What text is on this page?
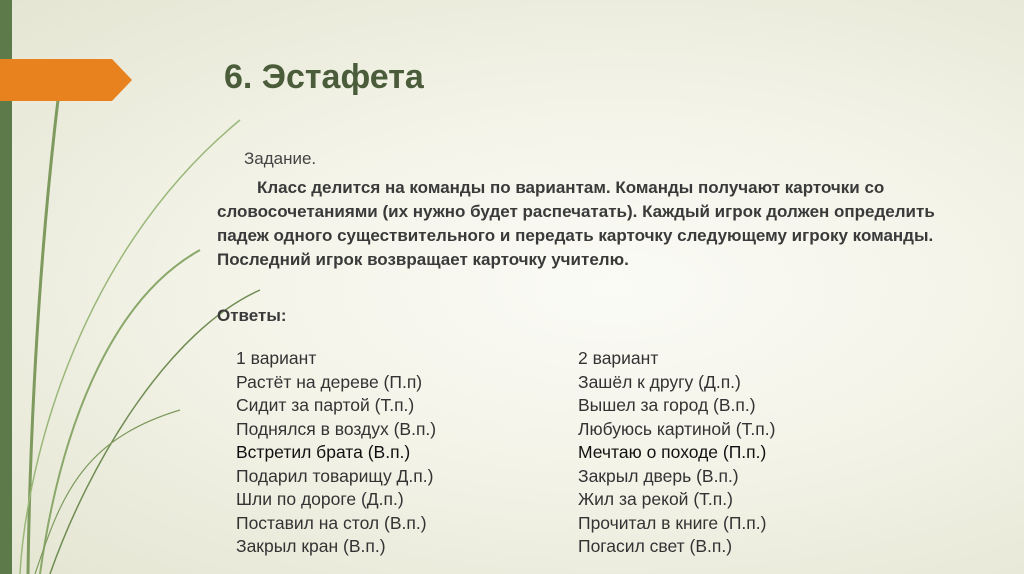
6. Эстафета
Задание.
Класс делится на команды по вариантам. Команды получают карточки со словосочетаниями (их нужно будет распечатать). Каждый игрок должен определить падеж одного существительного и передать карточку следующему игроку команды. Последний игрок возвращает карточку учителю.
Ответы:
1 вариант
Растёт на дереве (П.п)
Сидит за партой (Т.п.)
Поднялся в воздух (В.п.)
Встретил брата (В.п.)
Подарил товарищу Д.п.)
Шли по дороге (Д.п.)
Поставил на стол (В.п.)
Закрыл кран (В.п.)
2 вариант
Зашёл к другу (Д.п.)
Вышел за город (В.п.)
Любуюсь картиной (Т.п.)
Мечтаю о походе (П.п.)
Закрыл дверь (В.п.)
Жил за рекой (Т.п.)
Прочитал в книге (П.п.)
Погасил свет (В.п.)
